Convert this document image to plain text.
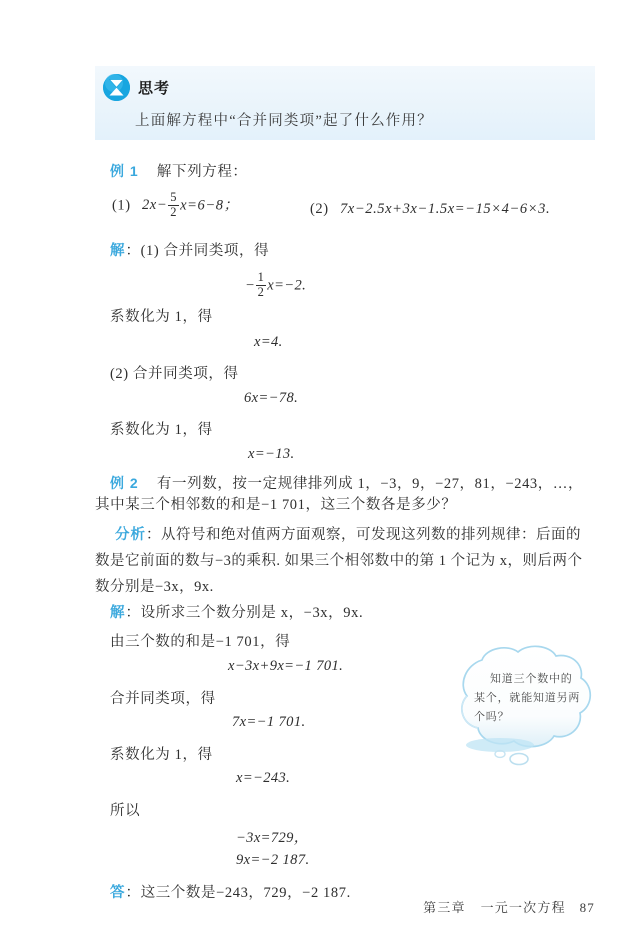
思考
上面解方程中“合并同类项”起了什么作用？
例 1 解下列方程：
(1) $2x- \frac{5}{2} x=6-8$；	(2) 7x−2.5x+3x−1.5x=−15×4−6×3.
解：(1) 合并同类项，得
− $\frac{1}{2} x=-2$.
系数化为 1，得
x=4.
(2) 合并同类项，得
6x=−78.
系数化为 1，得
x=−13.
例 2 有一列数，按一定规律排列成 1，−3，9，−27，81，−243，…，
其中某三个相邻数的和是−1 701，这三个数各是多少？
分析：从符号和绝对值两方面观察，可发现这列数的排列规律：后面的数是它前面的数与−3的乘积. 如果三个相邻数中的第 1 个记为 x，则后两个数分别是−3x，9x.
解：设所求三个数分别是 x，−3x，9x.
由三个数的和是−1 701，得
x−3x+9x=−1 701.
合并同类项，得
7x=−1 701.
系数化为 1，得
x=−243.
所以
−3x=729，
9x=−2 187.
答：这三个数是−243，729，−2 187.
知道三个数中的某个，就能知道另两个吗？
第三章 一元一次方程 87
